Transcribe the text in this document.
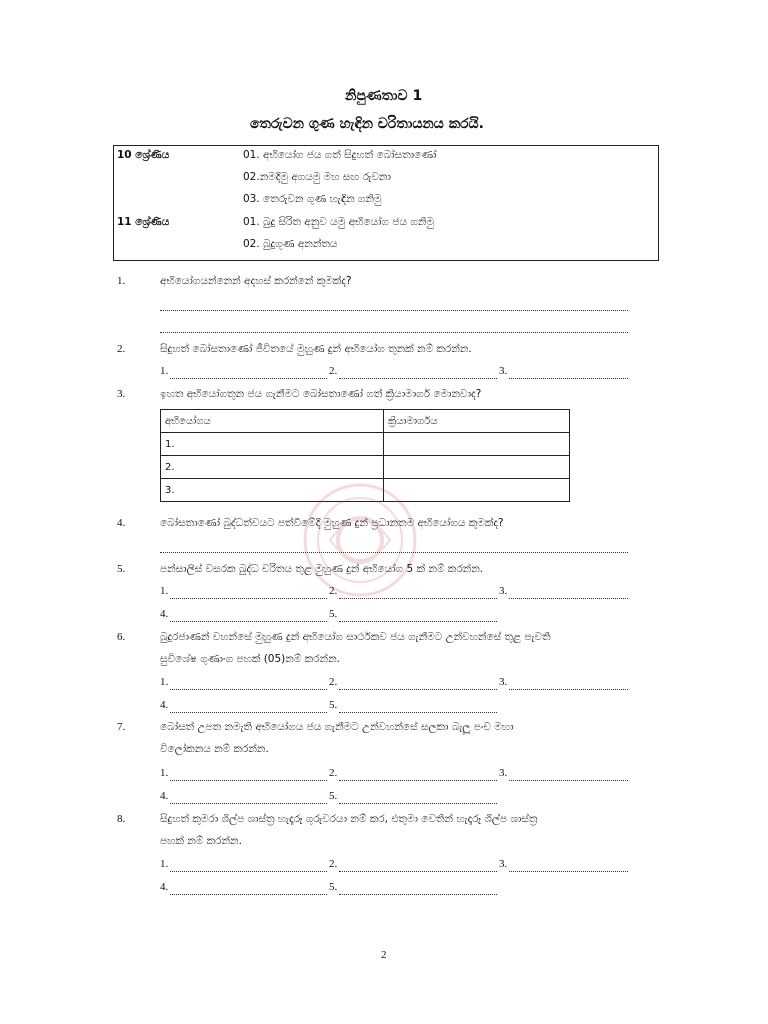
නිපුණතාව 1
තෙරුවන ගුණ හැඳින චරිතායනය කරයි.
10 ශ්‍රේණිය	01. අභියෝග ජය ගත් සිදුහත් බෝසතාණෝ
02.නමදිමු අගයමු මහ සඟ රුවනා
03. තෙරුවන ගුණ හැඳින ගනිමු
11 ශ්‍රේණිය	01. බුදු සිරිත අනුව යමු අභියෝග ජය ගනිමු
02. බුදුගුණ අනන්තය
1.	අභියෝගයන්නෙන් අදහස් කරන්නේ කුමක්ද?
2.	සිදුහත් බෝසතාණෝ ජීවිතයේ මුහුණ දුන් අභියෝග තුනක් නම් කරන්න.
1.	2.	3.
3.	ඉහත අභියෝගතුන ජය ගැනීමට බෝසතාණෝ ගත් ක්‍රියාමාර්ග මොනවාද?
අභියෝගය	ක්‍රියාමාර්ගය
1.	
2.	
3.	
4.	බෝසතාණෝ බුද්ධත්වයට පත්වීමේදී මුහුණ දුන් ප්‍රධානතම අභියෝගය කුමක්ද?
5.	පන්සාලිස් වසරක බුද්ධ චරිතය තුළ මුහුණ දුන් අභියෝග 5 ක් නම් කරන්න.
1.	2.	3.
4.	5.
6.	බුදුරජාණන් වහන්සේ මුහුණ දුන් අභියෝග සාර්ථකව ජය ගැනීමට උන්වහන්සේ තුළ පැවති
සුවිශේෂ ගුණාංග පහක් (05)නම් කරන්න.
1.	2.	3.
4.	5.
7.	බෝසත් උපත නමැති අභියෝගය ජය ගැනීමට උන්වහන්සේ සලකා බැලූ පංච මහා
විලෝකනය නම් කරන්න.
1.	2.	3.
4.	5.
8.	සිදුහත් කුමරා ශිල්ප ශාස්ත්‍ර හැදෑරූ ගුරුවරයා නම් කර, එතුමා වෙතින් හැදෑරූ ශිල්ප ශාස්ත්‍ර
පහක් නම් කරන්න.
1.	2.	3.
4.	5.
2
